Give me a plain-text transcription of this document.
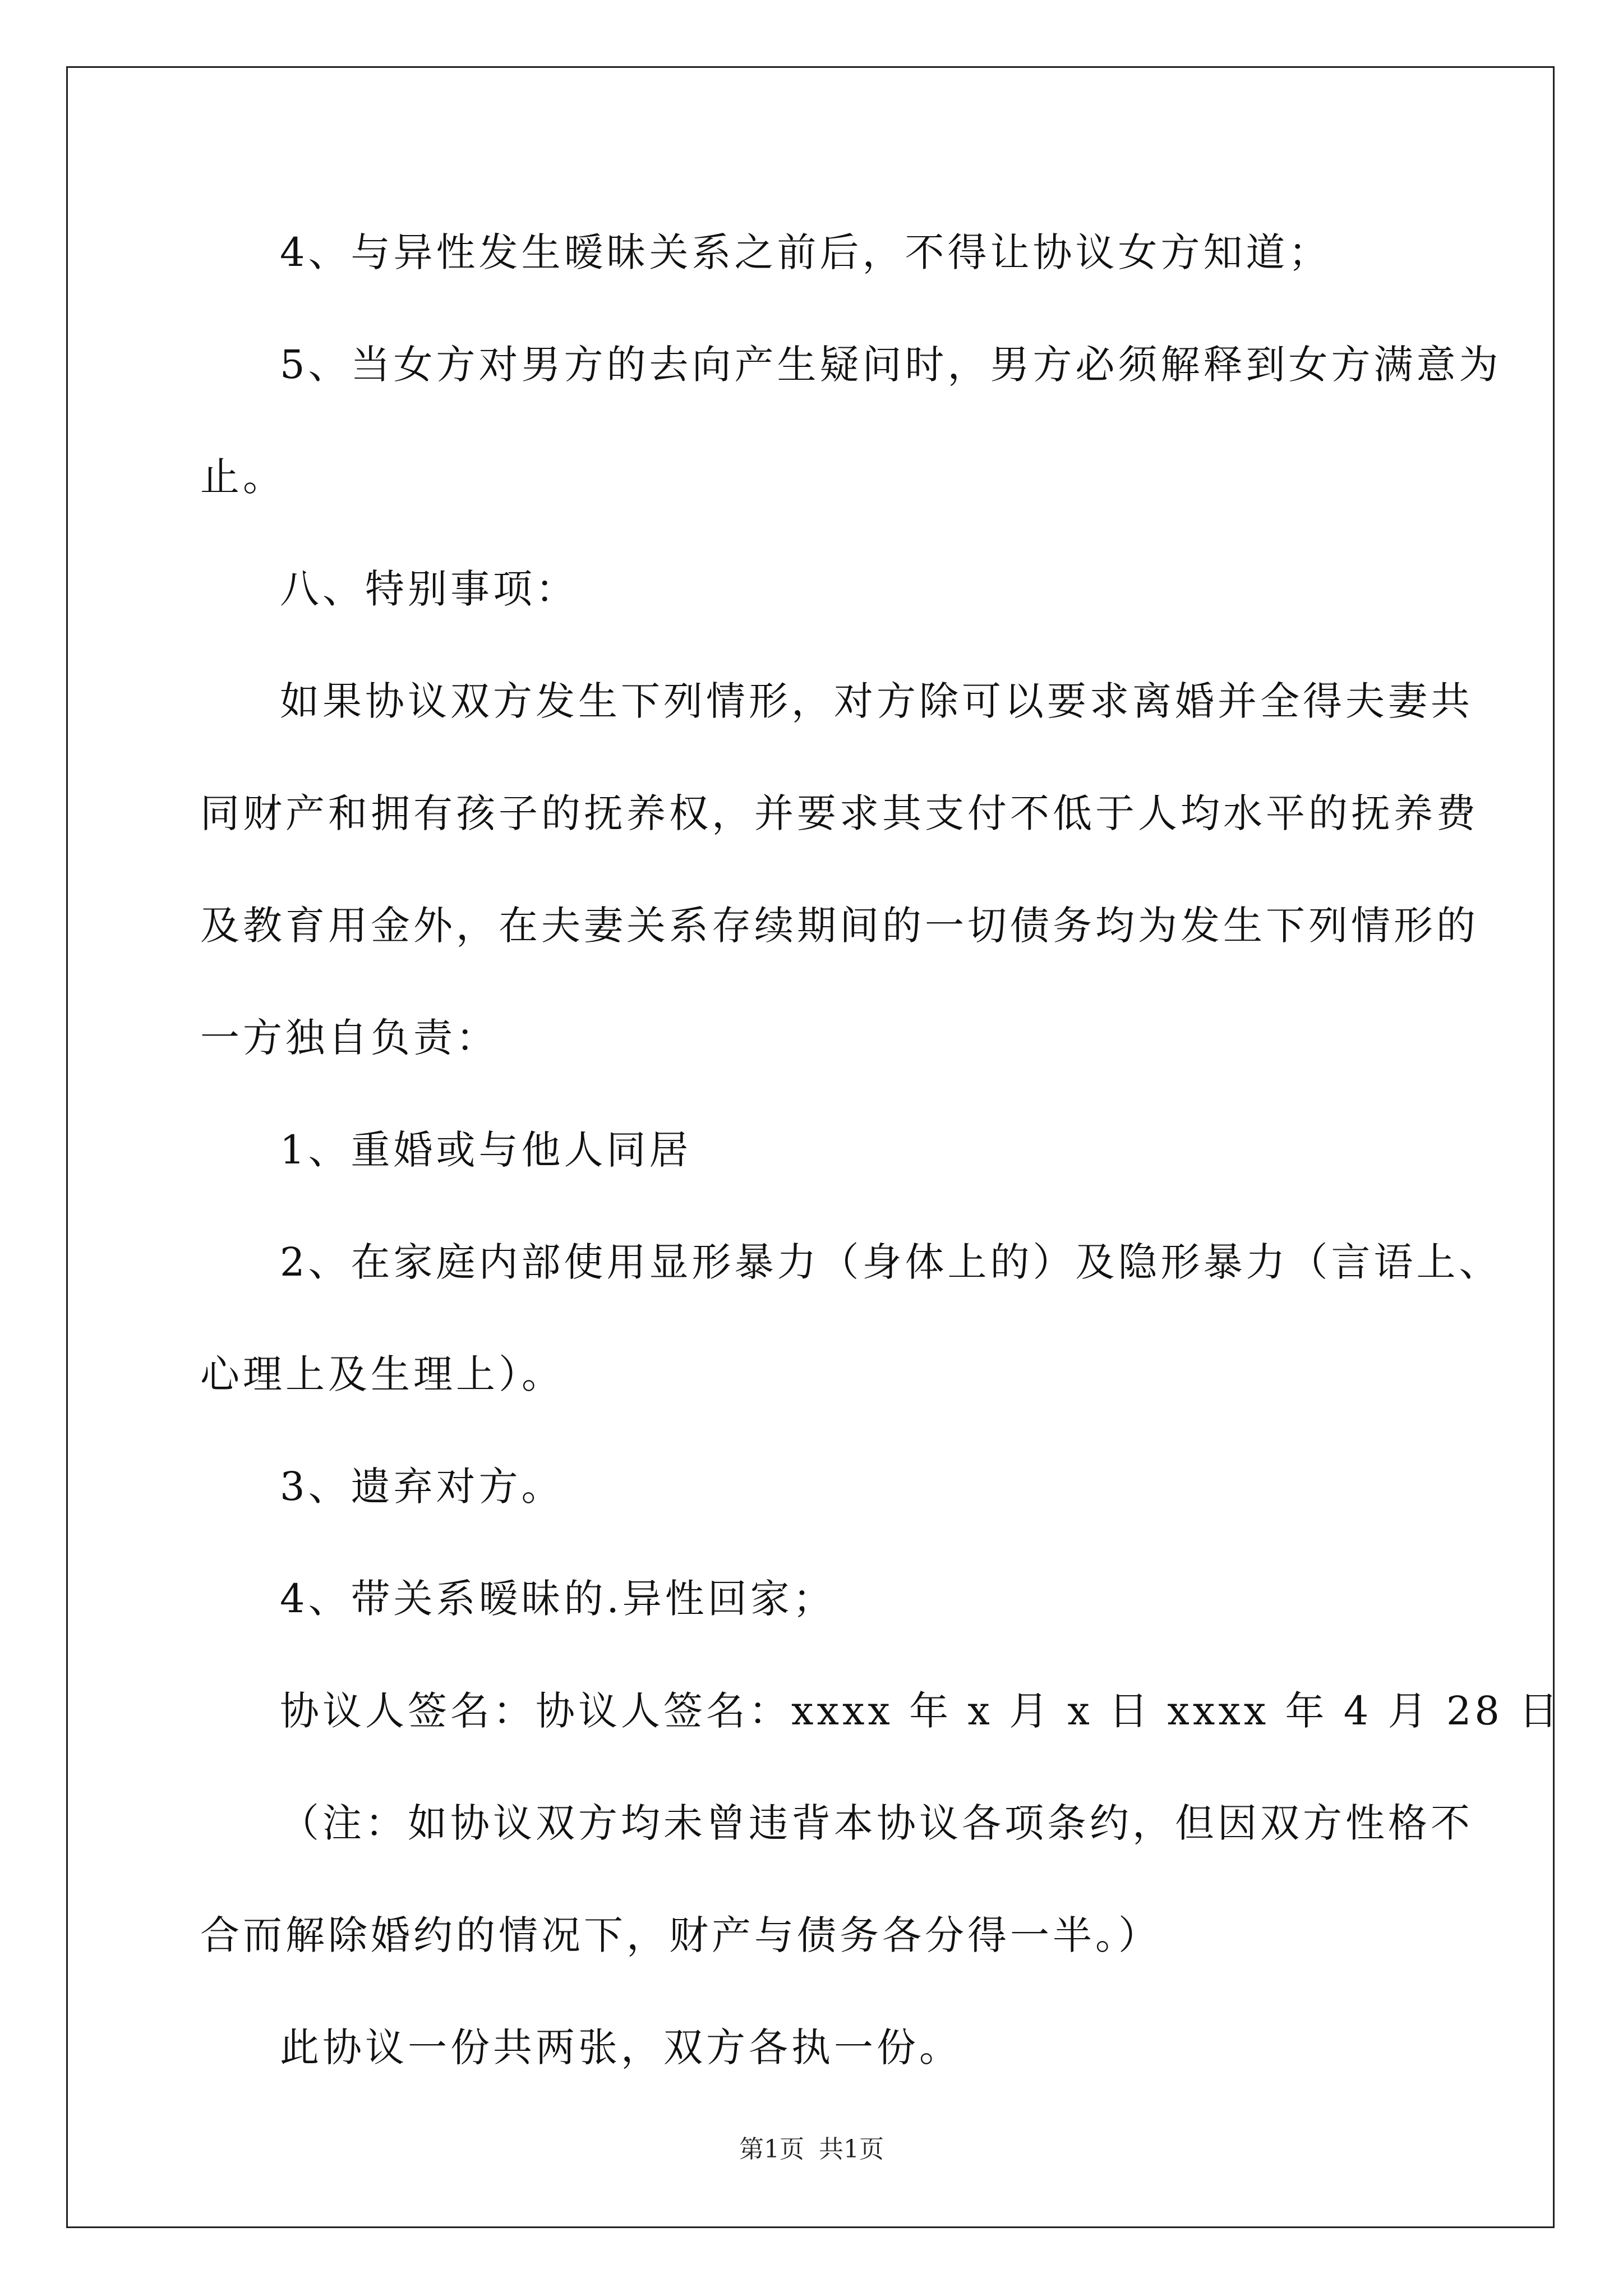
4、与异性发生暧昧关系之前后，不得让协议女方知道；

5、当女方对男方的去向产生疑问时，男方必须解释到女方满意为

止。

八、特别事项：

如果协议双方发生下列情形，对方除可以要求离婚并全得夫妻共

同财产和拥有孩子的抚养权，并要求其支付不低于人均水平的抚养费

及教育用金外，在夫妻关系存续期间的一切债务均为发生下列情形的

一方独自负责：

1、重婚或与他人同居

2、在家庭内部使用显形暴力（身体上的）及隐形暴力（言语上、

心理上及生理上）。

3、遗弃对方。

4、带关系暧昧的.异性回家；

协议人签名：协议人签名：xxxx 年 x 月 x 日 xxxx 年 4 月 28 日

（注：如协议双方均未曾违背本协议各项条约，但因双方性格不

合而解除婚约的情况下，财产与债务各分得一半。）

此协议一份共两张，双方各执一份。

第1页 共1页
